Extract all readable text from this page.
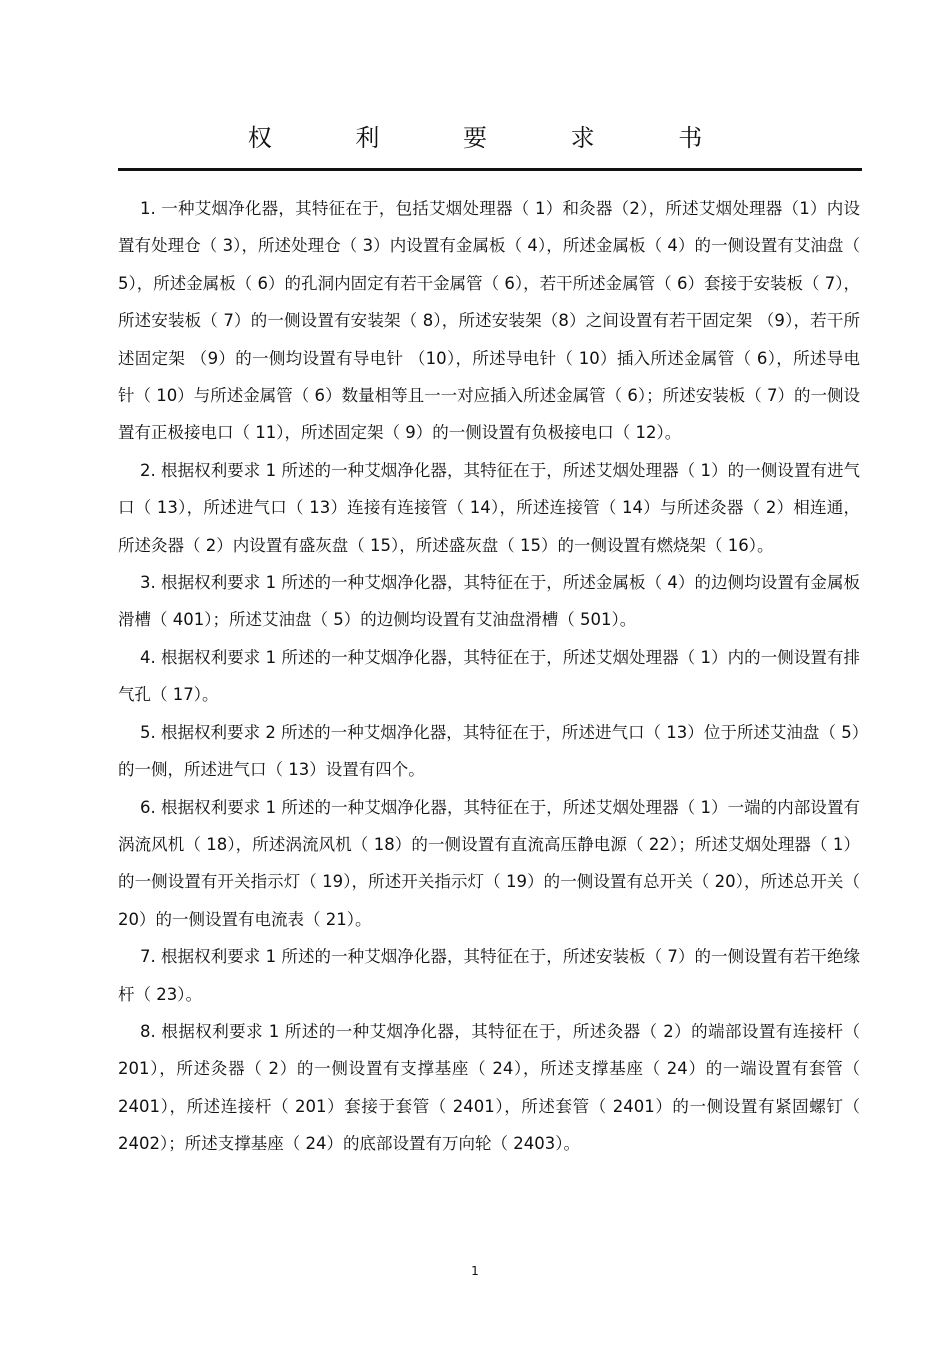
权 利 要 求 书

1. 一种艾烟净化器，其特征在于，包括艾烟处理器（ 1）和灸器（2），所述艾烟处理器（1）内设置有处理仓（ 3），所述处理仓（ 3）内设置有金属板（ 4），所述金属板（ 4）的一侧设置有艾油盘（ 5），所述金属板（ 6）的孔洞内固定有若干金属管（ 6），若干所述金属管（ 6）套接于安装板（ 7），所述安装板（ 7）的一侧设置有安装架（ 8），所述安装架（8）之间设置有若干固定架 （9），若干所述固定架 （9）的一侧均设置有导电针 （10），所述导电针（ 10）插入所述金属管（ 6），所述导电针（ 10）与所述金属管（ 6）数量相等且一一对应插入所述金属管（ 6）；所述安装板（ 7）的一侧设置有正极接电口（ 11），所述固定架（ 9）的一侧设置有负极接电口（ 12）。

2. 根据权利要求 1 所述的一种艾烟净化器，其特征在于，所述艾烟处理器（ 1）的一侧设置有进气口（ 13），所述进气口（ 13）连接有连接管（ 14），所述连接管（ 14）与所述灸器（ 2）相连通，所述灸器（ 2）内设置有盛灰盘（ 15），所述盛灰盘（ 15）的一侧设置有燃烧架（ 16）。

3. 根据权利要求 1 所述的一种艾烟净化器，其特征在于，所述金属板（ 4）的边侧均设置有金属板滑槽（ 401）；所述艾油盘（ 5）的边侧均设置有艾油盘滑槽（ 501）。

4. 根据权利要求 1 所述的一种艾烟净化器，其特征在于，所述艾烟处理器（ 1）内的一侧设置有排气孔（ 17）。

5. 根据权利要求 2 所述的一种艾烟净化器，其特征在于，所述进气口（ 13）位于所述艾油盘（ 5）的一侧，所述进气口（ 13）设置有四个。

6. 根据权利要求 1 所述的一种艾烟净化器，其特征在于，所述艾烟处理器（ 1）一端的内部设置有涡流风机（ 18），所述涡流风机（ 18）的一侧设置有直流高压静电源（ 22）；所述艾烟处理器（ 1）的一侧设置有开关指示灯（ 19），所述开关指示灯（ 19）的一侧设置有总开关（ 20），所述总开关（ 20）的一侧设置有电流表（ 21）。

7. 根据权利要求 1 所述的一种艾烟净化器，其特征在于，所述安装板（ 7）的一侧设置有若干绝缘杆（ 23）。

8. 根据权利要求 1 所述的一种艾烟净化器，其特征在于，所述灸器（ 2）的端部设置有连接杆（ 201），所述灸器（ 2）的一侧设置有支撑基座（ 24），所述支撑基座（ 24）的一端设置有套管（ 2401），所述连接杆（ 201）套接于套管（ 2401），所述套管（ 2401）的一侧设置有紧固螺钉（ 2402）；所述支撑基座（ 24）的底部设置有万向轮（ 2403）。

1
